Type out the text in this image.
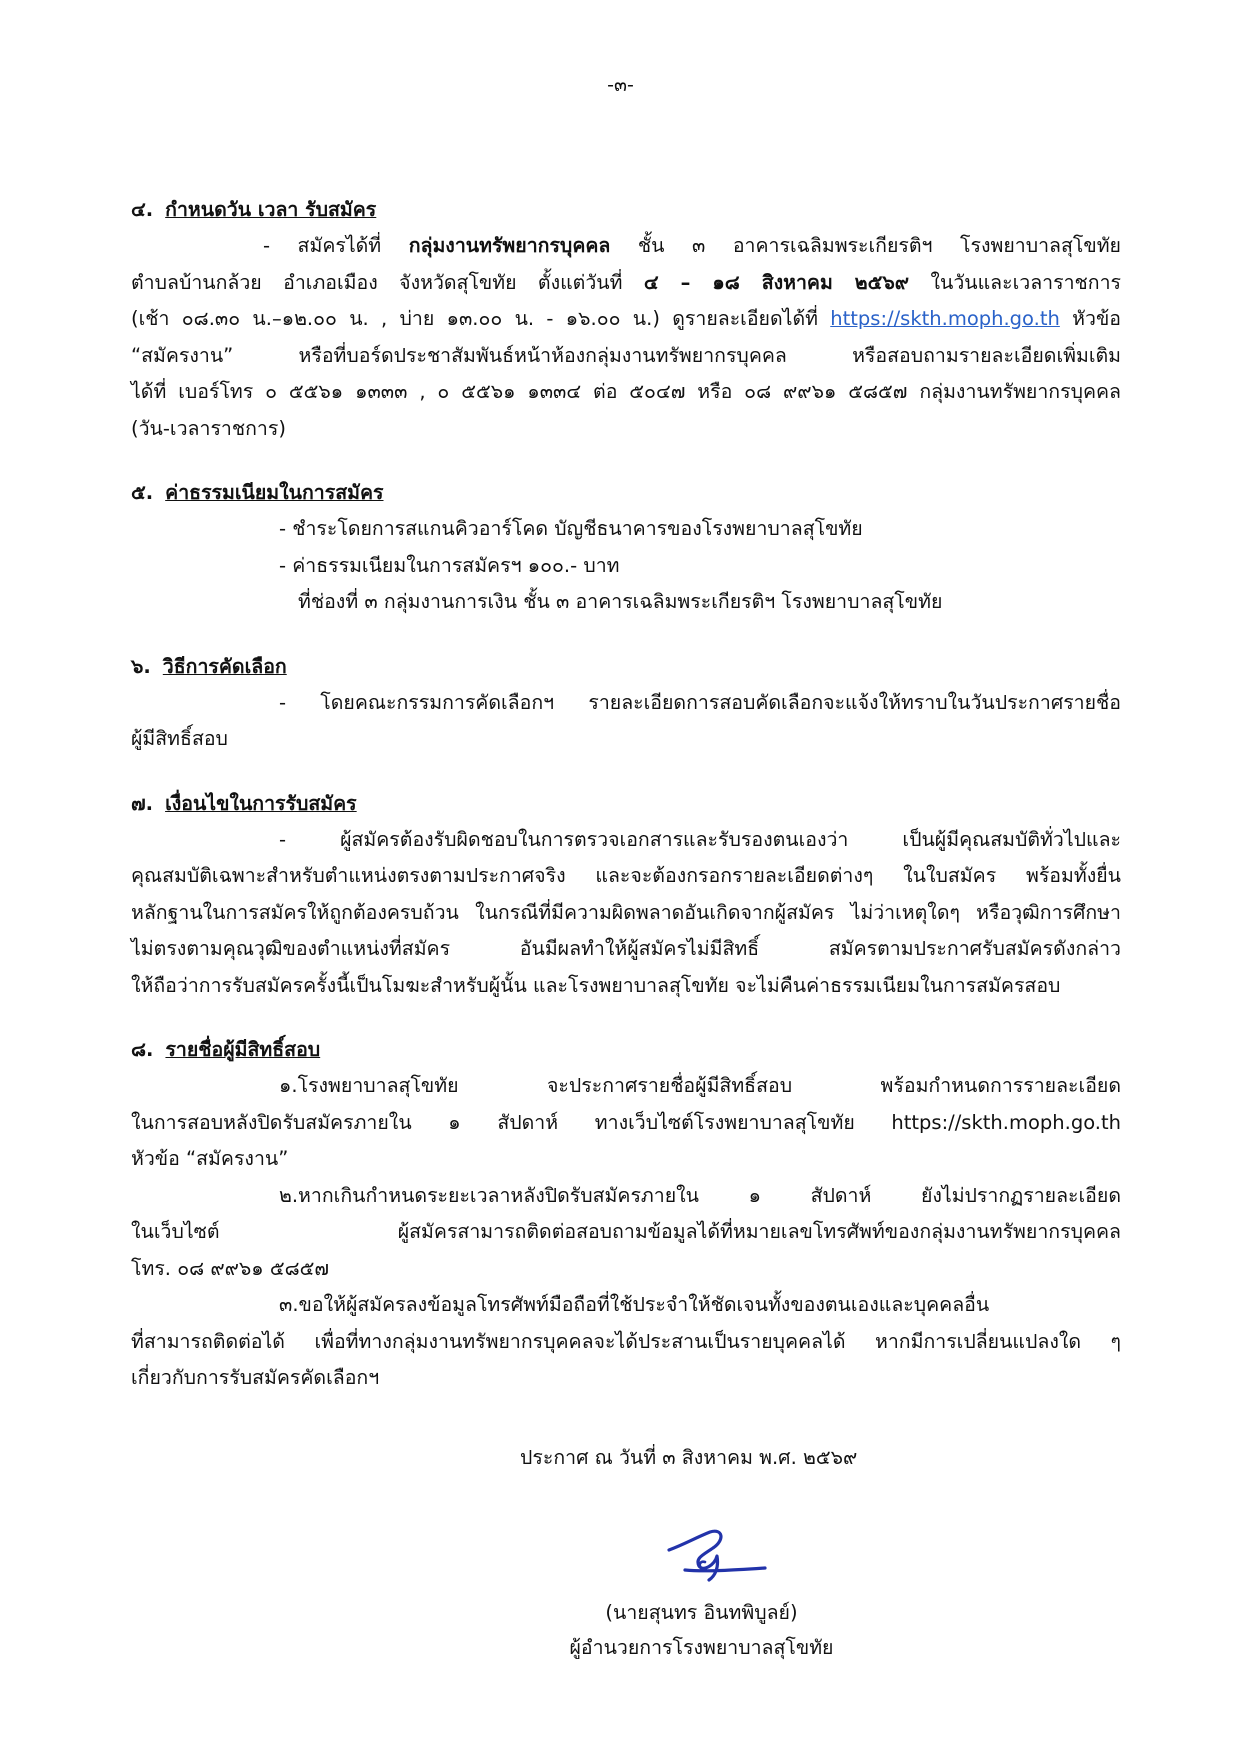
-๓-

๔. กำหนดวัน เวลา รับสมัคร

- สมัครได้ที่ กลุ่มงานทรัพยากรบุคคล ชั้น ๓ อาคารเฉลิมพระเกียรติฯ โรงพยาบาลสุโขทัย
ตำบลบ้านกล้วย อำเภอเมือง จังหวัดสุโขทัย ตั้งแต่วันที่ ๔ – ๑๘ สิงหาคม ๒๕๖๙ ในวันและเวลาราชการ
(เช้า ๐๘.๓๐ น.–๑๒.๐๐ น. , บ่าย ๑๓.๐๐ น. - ๑๖.๐๐ น.) ดูรายละเอียดได้ที่ https://skth.moph.go.th หัวข้อ
“สมัครงาน” หรือที่บอร์ดประชาสัมพันธ์หน้าห้องกลุ่มงานทรัพยากรบุคคล หรือสอบถามรายละเอียดเพิ่มเติม
ได้ที่ เบอร์โทร ๐ ๕๕๖๑ ๑๓๓๓ , ๐ ๕๕๖๑ ๑๓๓๔ ต่อ ๕๐๔๗ หรือ ๐๘ ๙๙๖๑ ๕๘๕๗ กลุ่มงานทรัพยากรบุคคล
(วัน-เวลาราชการ)

๕. ค่าธรรมเนียมในการสมัคร

- ชำระโดยการสแกนคิวอาร์โคด บัญชีธนาคารของโรงพยาบาลสุโขทัย

- ค่าธรรมเนียมในการสมัครฯ ๑๐๐.- บาท

ที่ช่องที่ ๓ กลุ่มงานการเงิน ชั้น ๓ อาคารเฉลิมพระเกียรติฯ โรงพยาบาลสุโขทัย

๖. วิธีการคัดเลือก

- โดยคณะกรรมการคัดเลือกฯ รายละเอียดการสอบคัดเลือกจะแจ้งให้ทราบในวันประกาศรายชื่อ
ผู้มีสิทธิ์สอบ

๗. เงื่อนไขในการรับสมัคร

- ผู้สมัครต้องรับผิดชอบในการตรวจเอกสารและรับรองตนเองว่า เป็นผู้มีคุณสมบัติทั่วไปและ
คุณสมบัติเฉพาะสำหรับตำแหน่งตรงตามประกาศจริง และจะต้องกรอกรายละเอียดต่างๆ ในใบสมัคร พร้อมทั้งยื่น
หลักฐานในการสมัครให้ถูกต้องครบถ้วน ในกรณีที่มีความผิดพลาดอันเกิดจากผู้สมัคร ไม่ว่าเหตุใดๆ หรือวุฒิการศึกษา
ไม่ตรงตามคุณวุฒิของตำแหน่งที่สมัคร อันมีผลทำให้ผู้สมัครไม่มีสิทธิ์ สมัครตามประกาศรับสมัครดังกล่าว
ให้ถือว่าการรับสมัครครั้งนี้เป็นโมฆะสำหรับผู้นั้น และโรงพยาบาลสุโขทัย จะไม่คืนค่าธรรมเนียมในการสมัครสอบ

๘. รายชื่อผู้มีสิทธิ์สอบ

๑.โรงพยาบาลสุโขทัย จะประกาศรายชื่อผู้มีสิทธิ์สอบ พร้อมกำหนดการรายละเอียด
ในการสอบหลังปิดรับสมัครภายใน ๑ สัปดาห์ ทางเว็บไซต์โรงพยาบาลสุโขทัย https://skth.moph.go.th
หัวข้อ “สมัครงาน”

๒.หากเกินกำหนดระยะเวลาหลังปิดรับสมัครภายใน ๑ สัปดาห์ ยังไม่ปรากฏรายละเอียด
ในเว็บไซต์ ผู้สมัครสามารถติดต่อสอบถามข้อมูลได้ที่หมายเลขโทรศัพท์ของกลุ่มงานทรัพยากรบุคคล
โทร. ๐๘ ๙๙๖๑ ๕๘๕๗

๓.ขอให้ผู้สมัครลงข้อมูลโทรศัพท์มือถือที่ใช้ประจำให้ชัดเจนทั้งของตนเองและบุคคลอื่น
ที่สามารถติดต่อได้ เพื่อที่ทางกลุ่มงานทรัพยากรบุคคลจะได้ประสานเป็นรายบุคคลได้ หากมีการเปลี่ยนแปลงใด ๆ
เกี่ยวกับการรับสมัครคัดเลือกฯ

ประกาศ ณ วันที่ ๓ สิงหาคม พ.ศ. ๒๕๖๙
(นายสุนทร อินทพิบูลย์)
ผู้อำนวยการโรงพยาบาลสุโขทัย
